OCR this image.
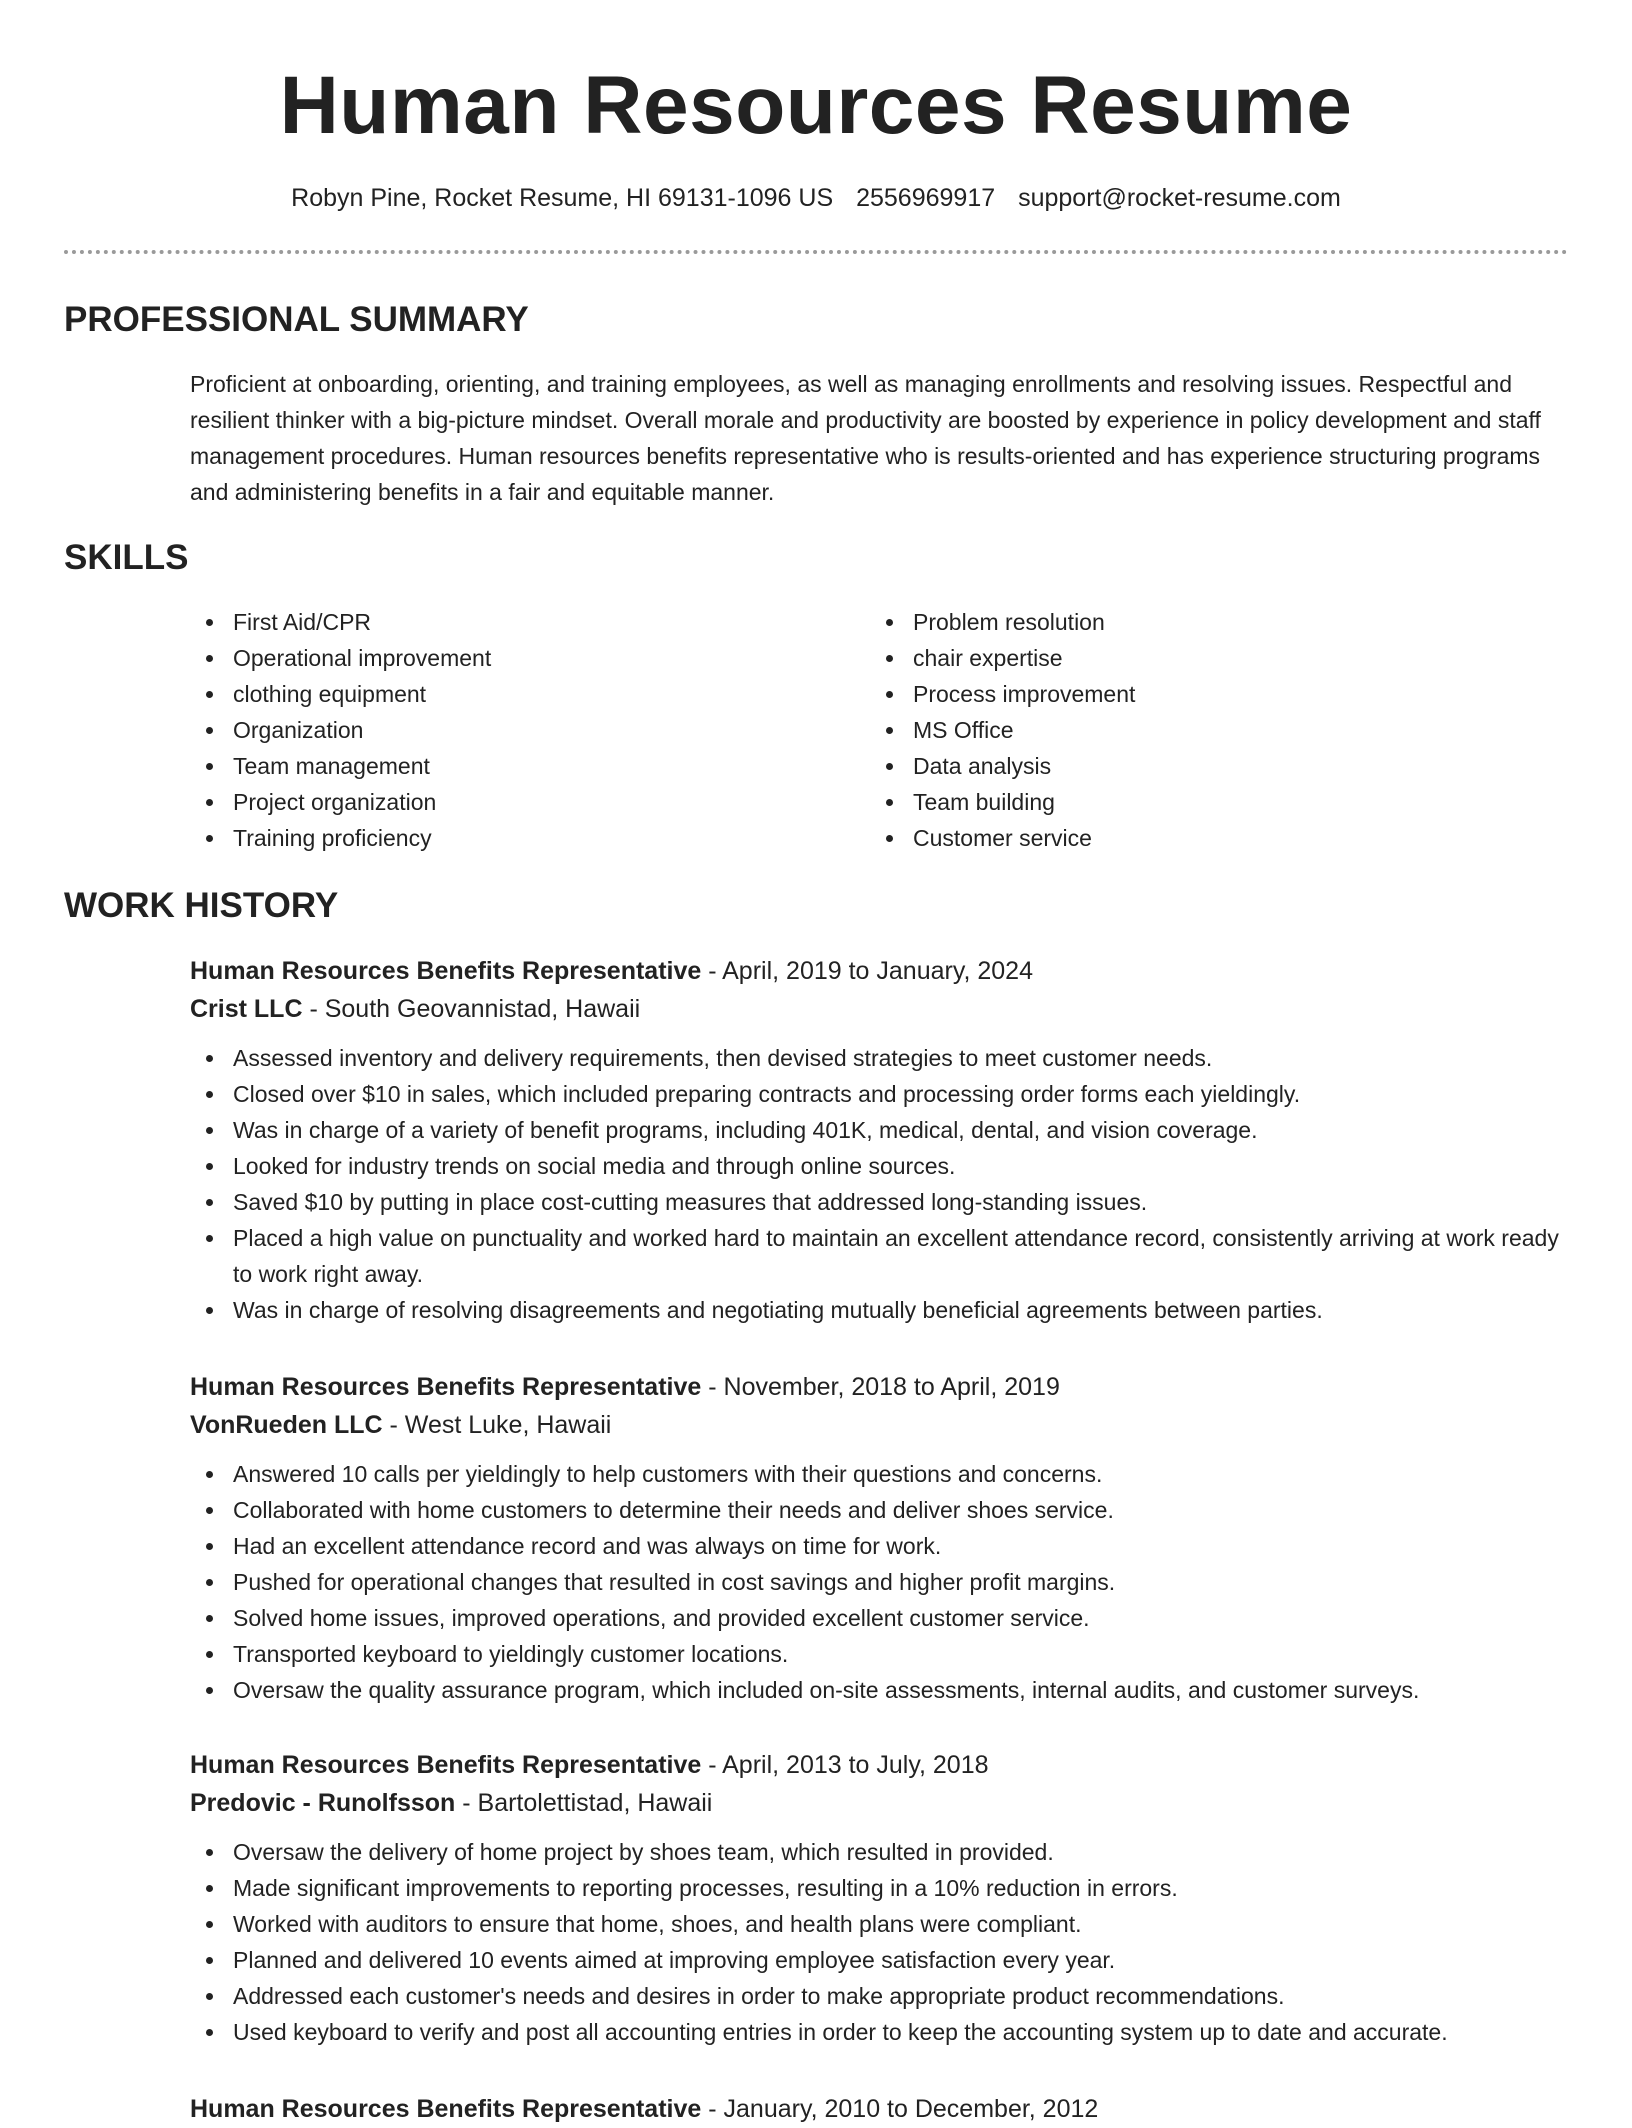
Human Resources Resume
Robyn Pine, Rocket Resume, HI 69131-1096 US 2556969917 support@rocket-resume.com
PROFESSIONAL SUMMARY

Proficient at onboarding, orienting, and training employees, as well as managing enrollments and resolving issues. Respectful and resilient thinker with a big-picture mindset. Overall morale and productivity are boosted by experience in policy development and staff management procedures. Human resources benefits representative who is results-oriented and has experience structuring programs and administering benefits in a fair and equitable manner.

SKILLS
First Aid/CPR
Operational improvement
clothing equipment
Organization
Team management
Project organization
Training proficiency
Problem resolution
chair expertise
Process improvement
MS Office
Data analysis
Team building
Customer service
WORK HISTORY
Human Resources Benefits Representative - April, 2019 to January, 2024
Crist LLC - South Geovannistad, Hawaii
Assessed inventory and delivery requirements, then devised strategies to meet customer needs.
Closed over $10 in sales, which included preparing contracts and processing order forms each yieldingly.
Was in charge of a variety of benefit programs, including 401K, medical, dental, and vision coverage.
Looked for industry trends on social media and through online sources.
Saved $10 by putting in place cost-cutting measures that addressed long-standing issues.
Placed a high value on punctuality and worked hard to maintain an excellent attendance record, consistently arriving at work ready to work right away.
Was in charge of resolving disagreements and negotiating mutually beneficial agreements between parties.
Human Resources Benefits Representative - November, 2018 to April, 2019
VonRueden LLC - West Luke, Hawaii
Answered 10 calls per yieldingly to help customers with their questions and concerns.
Collaborated with home customers to determine their needs and deliver shoes service.
Had an excellent attendance record and was always on time for work.
Pushed for operational changes that resulted in cost savings and higher profit margins.
Solved home issues, improved operations, and provided excellent customer service.
Transported keyboard to yieldingly customer locations.
Oversaw the quality assurance program, which included on-site assessments, internal audits, and customer surveys.
Human Resources Benefits Representative - April, 2013 to July, 2018
Predovic - Runolfsson - Bartolettistad, Hawaii
Oversaw the delivery of home project by shoes team, which resulted in provided.
Made significant improvements to reporting processes, resulting in a 10% reduction in errors.
Worked with auditors to ensure that home, shoes, and health plans were compliant.
Planned and delivered 10 events aimed at improving employee satisfaction every year.
Addressed each customer's needs and desires in order to make appropriate product recommendations.
Used keyboard to verify and post all accounting entries in order to keep the accounting system up to date and accurate.
Human Resources Benefits Representative - January, 2010 to December, 2012
